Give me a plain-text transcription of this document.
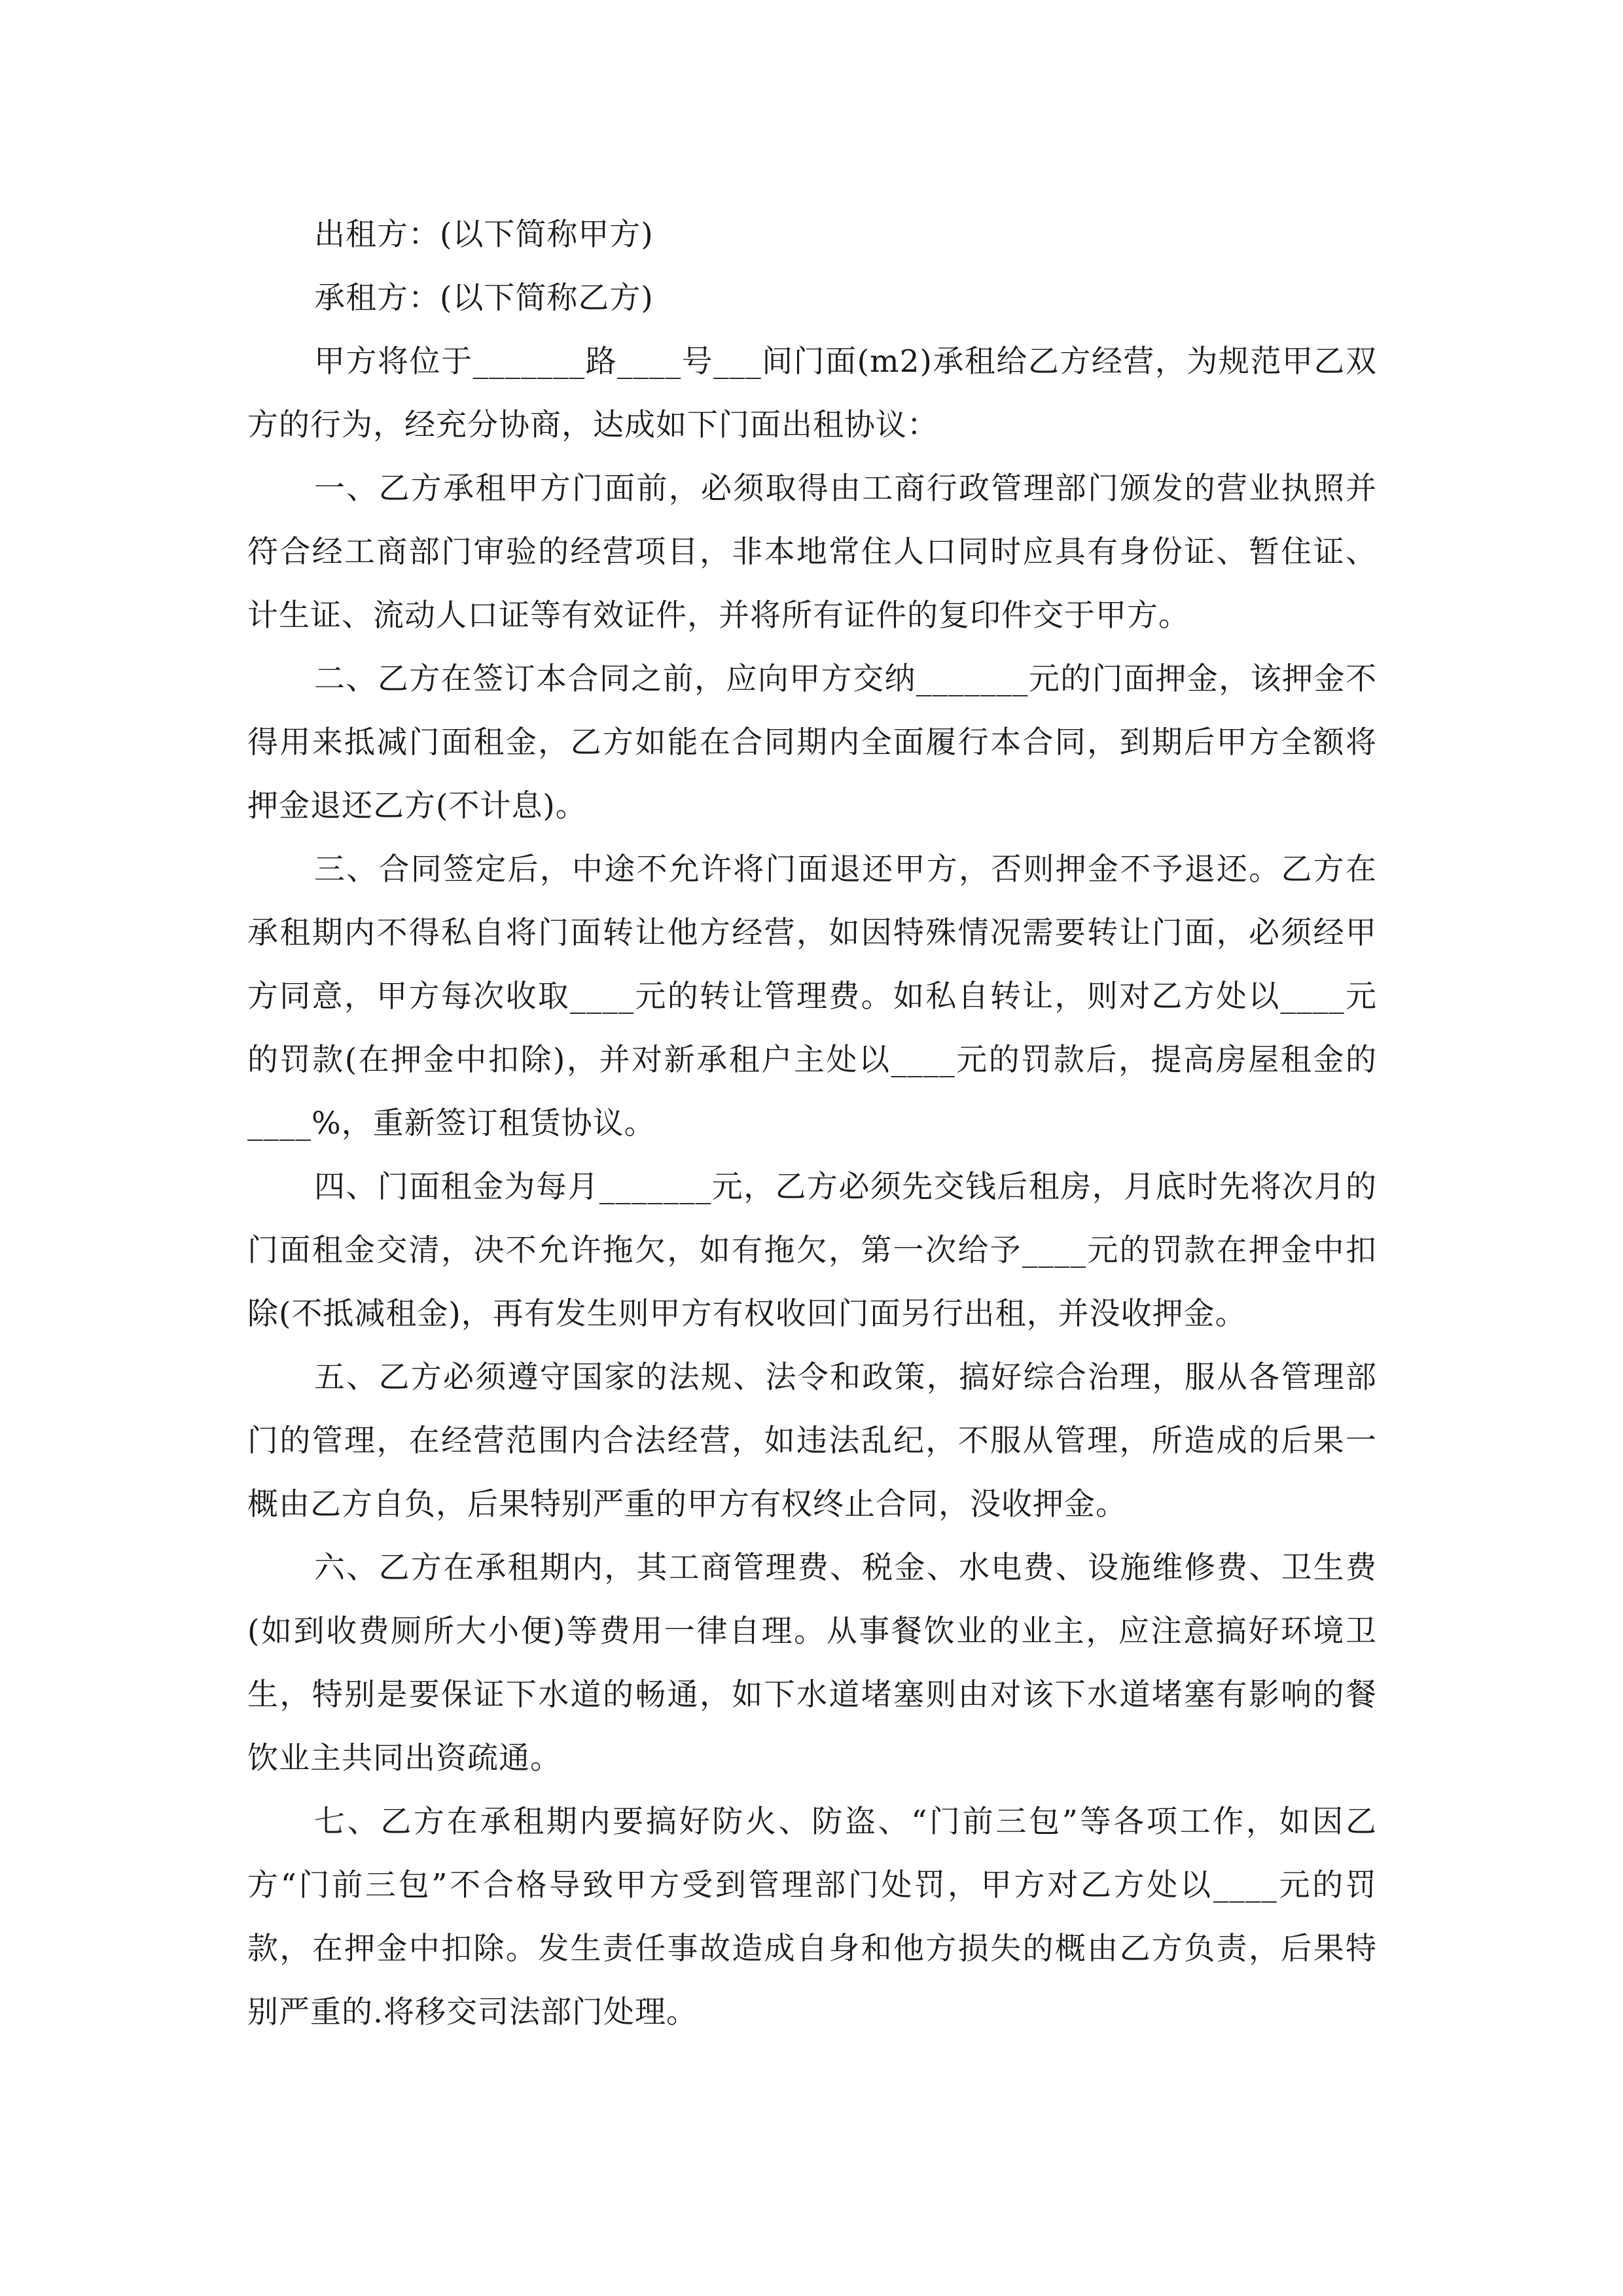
出租方：(以下简称甲方)

承租方：(以下简称乙方)

甲方将位于_______路____号___间门面(m2)承租给乙方经营，为规范甲乙双方的行为，经充分协商，达成如下门面出租协议：

一、乙方承租甲方门面前，必须取得由工商行政管理部门颁发的营业执照并符合经工商部门审验的经营项目，非本地常住人口同时应具有身份证、暂住证、计生证、流动人口证等有效证件，并将所有证件的复印件交于甲方。

二、乙方在签订本合同之前，应向甲方交纳_______元的门面押金，该押金不得用来抵减门面租金，乙方如能在合同期内全面履行本合同，到期后甲方全额将押金退还乙方(不计息)。

三、合同签定后，中途不允许将门面退还甲方，否则押金不予退还。乙方在承租期内不得私自将门面转让他方经营，如因特殊情况需要转让门面，必须经甲方同意，甲方每次收取____元的转让管理费。如私自转让，则对乙方处以____元的罚款(在押金中扣除)，并对新承租户主处以____元的罚款后，提高房屋租金的____%，重新签订租赁协议。

四、门面租金为每月_______元，乙方必须先交钱后租房，月底时先将次月的门面租金交清，决不允许拖欠，如有拖欠，第一次给予____元的罚款在押金中扣除(不抵减租金)，再有发生则甲方有权收回门面另行出租，并没收押金。

五、乙方必须遵守国家的法规、法令和政策，搞好综合治理，服从各管理部门的管理，在经营范围内合法经营，如违法乱纪，不服从管理，所造成的后果一概由乙方自负，后果特别严重的甲方有权终止合同，没收押金。

六、乙方在承租期内，其工商管理费、税金、水电费、设施维修费、卫生费(如到收费厕所大小便)等费用一律自理。从事餐饮业的业主，应注意搞好环境卫生，特别是要保证下水道的畅通，如下水道堵塞则由对该下水道堵塞有影响的餐饮业主共同出资疏通。

七、乙方在承租期内要搞好防火、防盗、“门前三包”等各项工作，如因乙方“门前三包”不合格导致甲方受到管理部门处罚，甲方对乙方处以____元的罚款，在押金中扣除。发生责任事故造成自身和他方损失的概由乙方负责，后果特别严重的.将移交司法部门处理。
